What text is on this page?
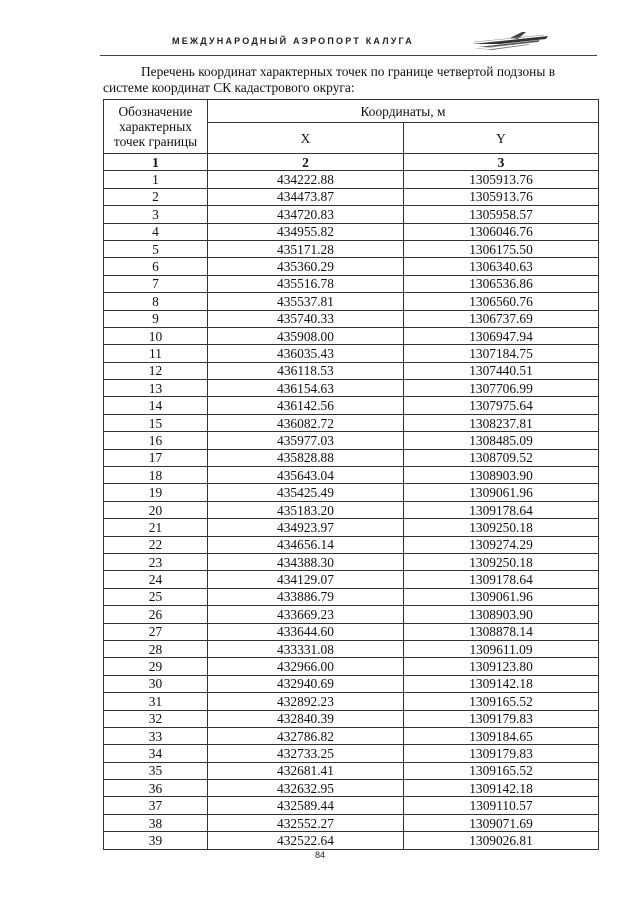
МЕЖДУНАРОДНЫЙ АЭРОПОРТ КАЛУГА
Перечень координат характерных точек по границе четвертой подзоны в
системе координат СК кадастрового округа:
Обозначение характерных точек границы	Координаты, м	
	X	Y
1	2	3
1	434222.88	1305913.76
2	434473.87	1305913.76
3	434720.83	1305958.57
4	434955.82	1306046.76
5	435171.28	1306175.50
6	435360.29	1306340.63
7	435516.78	1306536.86
8	435537.81	1306560.76
9	435740.33	1306737.69
10	435908.00	1306947.94
11	436035.43	1307184.75
12	436118.53	1307440.51
13	436154.63	1307706.99
14	436142.56	1307975.64
15	436082.72	1308237.81
16	435977.03	1308485.09
17	435828.88	1308709.52
18	435643.04	1308903.90
19	435425.49	1309061.96
20	435183.20	1309178.64
21	434923.97	1309250.18
22	434656.14	1309274.29
23	434388.30	1309250.18
24	434129.07	1309178.64
25	433886.79	1309061.96
26	433669.23	1308903.90
27	433644.60	1308878.14
28	433331.08	1309611.09
29	432966.00	1309123.80
30	432940.69	1309142.18
31	432892.23	1309165.52
32	432840.39	1309179.83
33	432786.82	1309184.65
34	432733.25	1309179.83
35	432681.41	1309165.52
36	432632.95	1309142.18
37	432589.44	1309110.57
38	432552.27	1309071.69
39	432522.64	1309026.81
84
